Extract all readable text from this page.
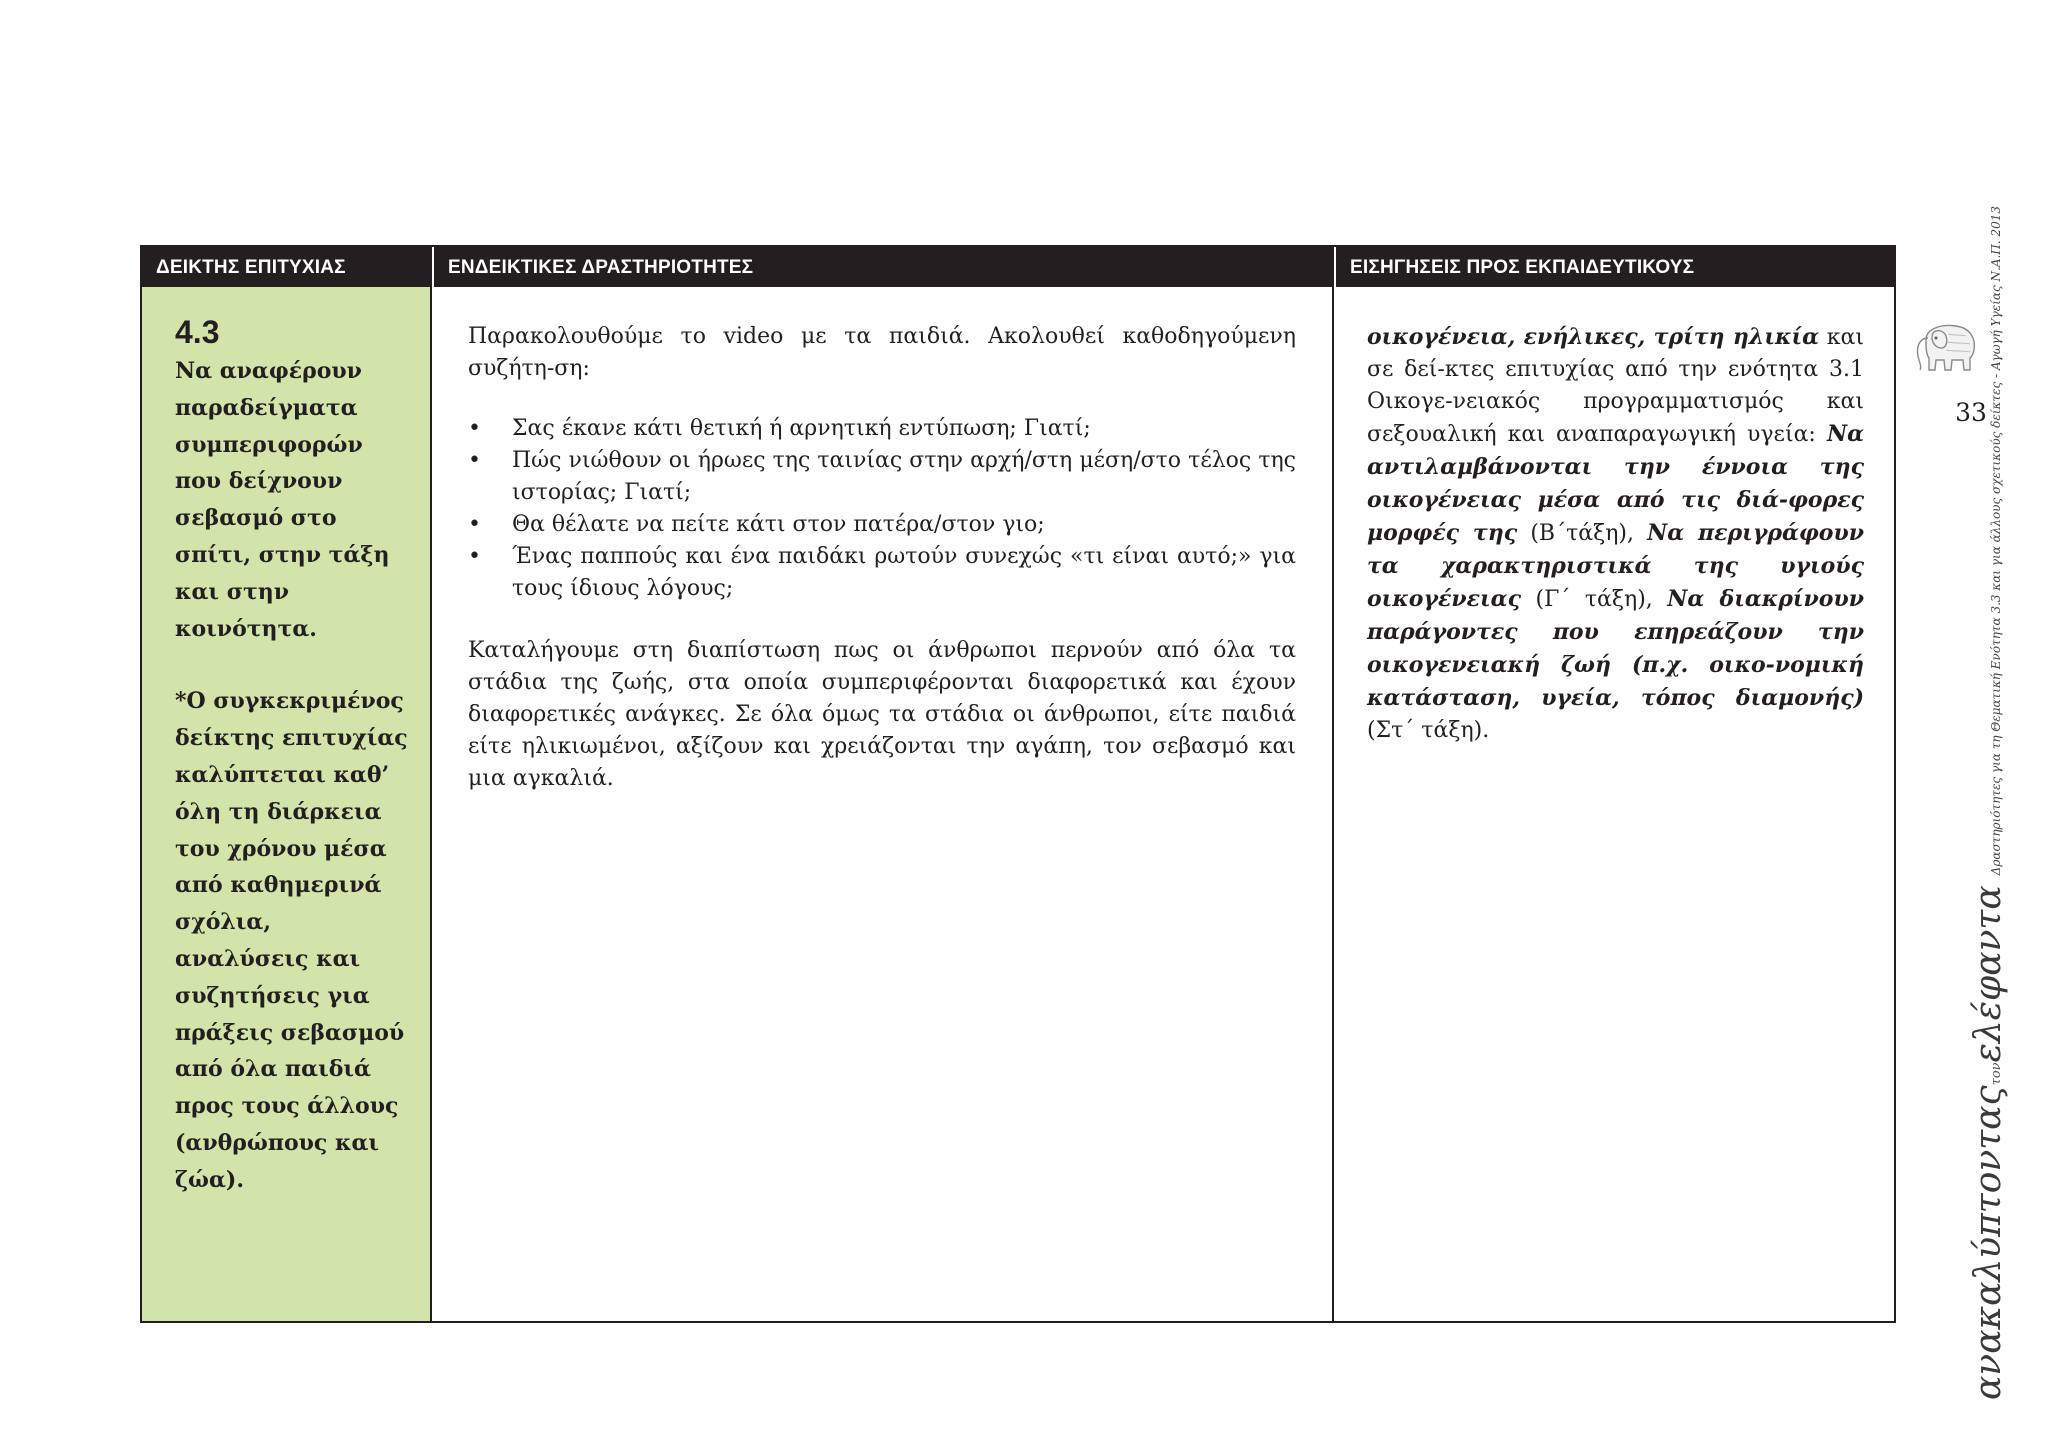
ΔΕΙΚΤΗΣ ΕΠΙΤΥΧΙΑΣ	ΕΝΔΕΙΚΤΙΚΕΣ ΔΡΑΣΤΗΡΙΟΤΗΤΕΣ	ΕΙΣΗΓΗΣΕΙΣ ΠΡΟΣ ΕΚΠΑΙΔΕΥΤΙΚΟΥΣ
4.3

Να αναφέρουν παραδείγματα συμπεριφορών που δείχνουν σεβασμό στο σπίτι, στην τάξη και στην κοινότητα.

*Ο συγκεκριμένος δείκτης επιτυχίας καλύπτεται καθ’ όλη τη διάρκεια του χρόνου μέσα από καθημερινά σχόλια, αναλύσεις και συζητήσεις για πράξεις σεβασμού από όλα παιδιά προς τους άλλους (ανθρώπους και ζώα).

Παρακολουθούμε το video με τα παιδιά. Ακολουθεί καθοδηγούμενη συζήτη-ση:

• Σας έκανε κάτι θετική ή αρνητική εντύπωση; Γιατί;
• Πώς νιώθουν οι ήρωες της ταινίας στην αρχή/στη μέση/στο τέλος της ιστορίας; Γιατί;
• Θα θέλατε να πείτε κάτι στον πατέρα/στον γιο;
• Ένας παππούς και ένα παιδάκι ρωτούν συνεχώς «τι είναι αυτό;» για τους ίδιους λόγους;

Καταλήγουμε στη διαπίστωση πως οι άνθρωποι περνούν από όλα τα στάδια της ζωής, στα οποία συμπεριφέρονται διαφορετικά και έχουν διαφορετικές ανάγκες. Σε όλα όμως τα στάδια οι άνθρωποι, είτε παιδιά είτε ηλικιωμένοι, αξίζουν και χρειάζονται την αγάπη, τον σεβασμό και μια αγκαλιά.

οικογένεια, ενήλικες, τρίτη ηλικία και σε δεί-κτες επιτυχίας από την ενότητα 3.1 Οικογε-νειακός προγραμματισμός και σεξουαλική και αναπαραγωγική υγεία: Να αντιλαμβάνονται την έννοια της οικογένειας μέσα από τις διά-φορες μορφές της (Β΄τάξη), Να περιγράφουν τα χαρακτηριστικά της υγιούς οικογένειας (Γ΄ τάξη), Να διακρίνουν παράγοντες που επηρεάζουν την οικογενειακή ζωή (π.χ. οικο-νομική κατάσταση, υγεία, τόπος διαμονής) (Στ΄ τάξη).

33
ανακαλύπτονταςτονελέφανταΔραστηριότητες για τη Θεματική Ενότητα 3.3 και για άλλους σχετικούς δείκτες - Αγωγή Υγείας Ν.Α.Π. 2013
